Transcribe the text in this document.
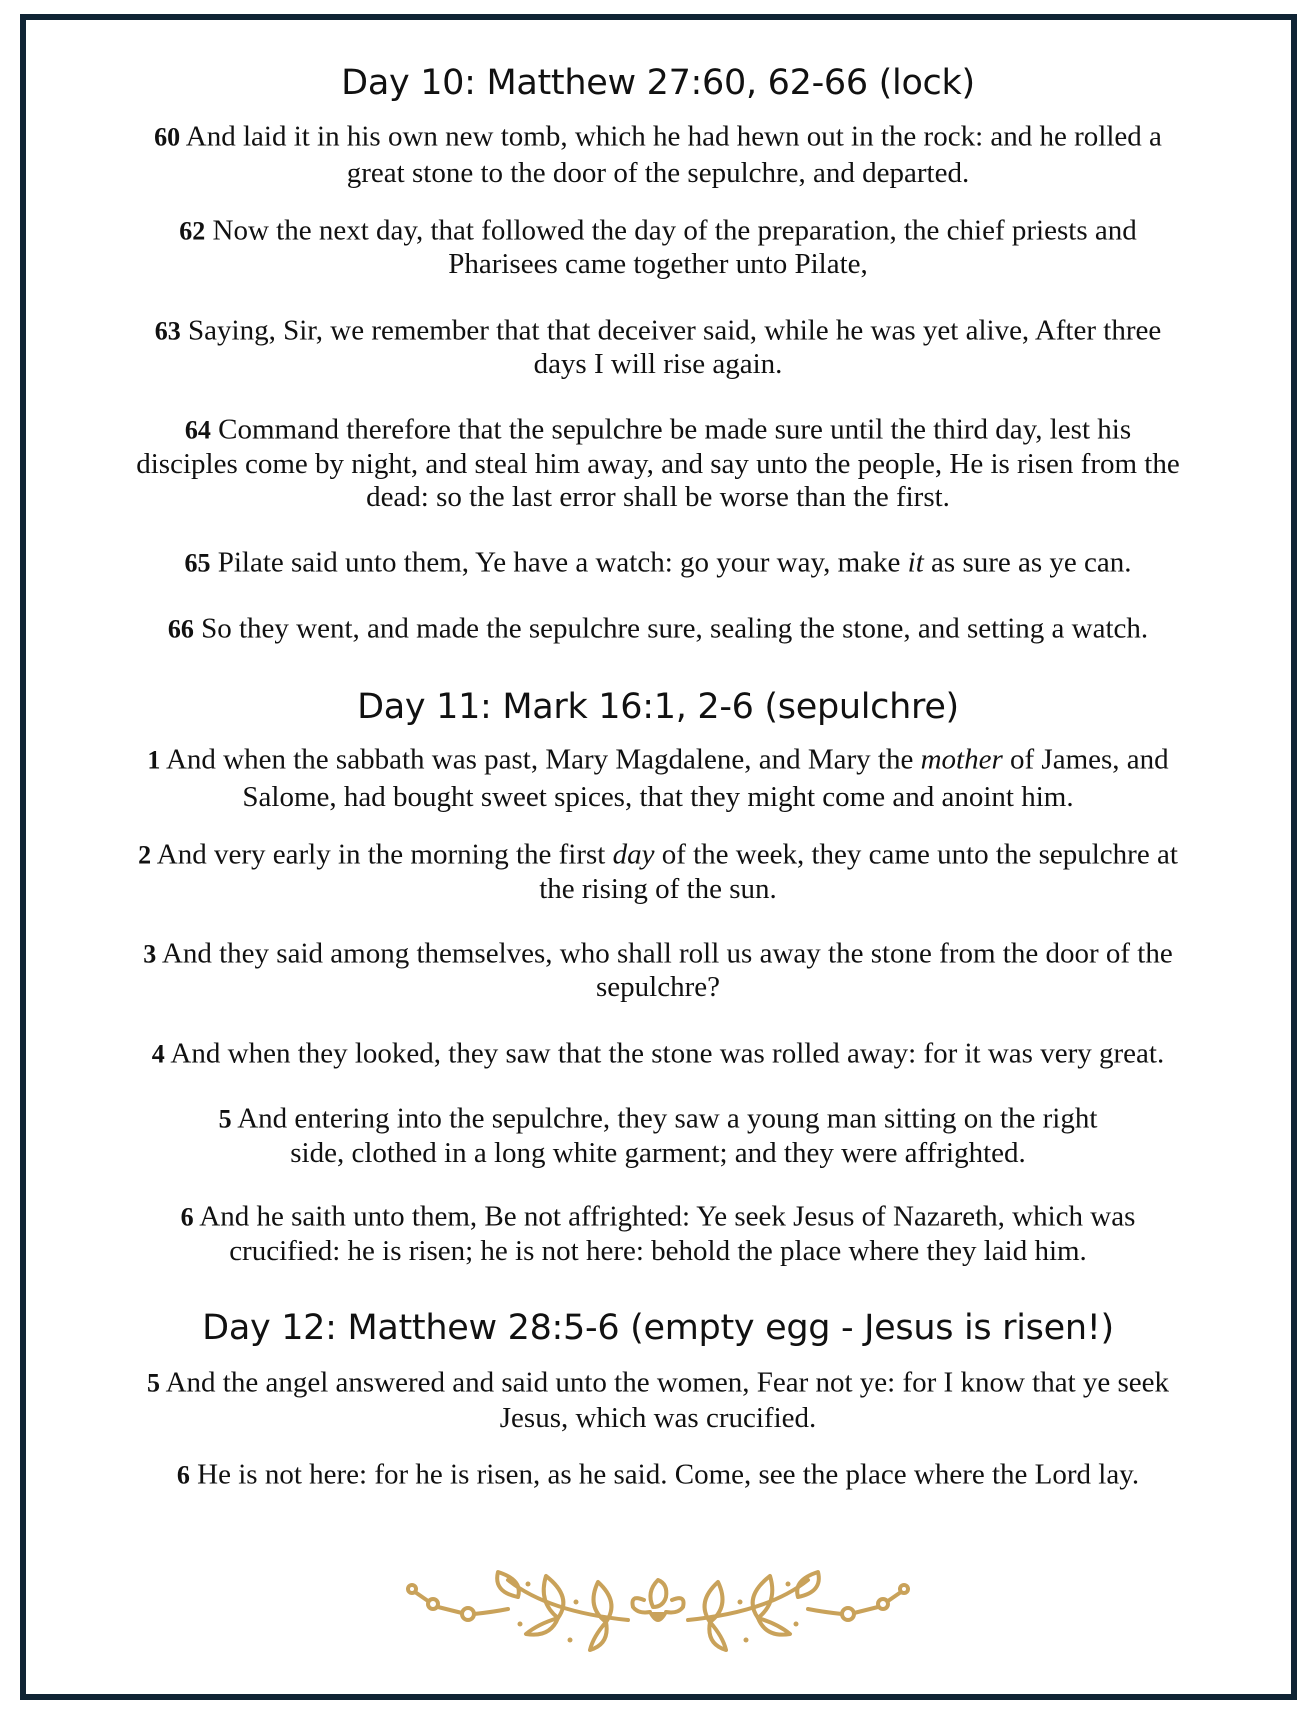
Day 10: Matthew 27:60, 62-66 (lock)
60 And laid it in his own new tomb, which he had hewn out in the rock: and he rolled a
great stone to the door of the sepulchre, and departed.
62 Now the next day, that followed the day of the preparation, the chief priests and
Pharisees came together unto Pilate,
63 Saying, Sir, we remember that that deceiver said, while he was yet alive, After three
days I will rise again.
64 Command therefore that the sepulchre be made sure until the third day, lest his
disciples come by night, and steal him away, and say unto the people, He is risen from the
dead: so the last error shall be worse than the first.
65 Pilate said unto them, Ye have a watch: go your way, make it as sure as ye can.
66 So they went, and made the sepulchre sure, sealing the stone, and setting a watch.
Day 11: Mark 16:1, 2-6 (sepulchre)
1 And when the sabbath was past, Mary Magdalene, and Mary the mother of James, and
Salome, had bought sweet spices, that they might come and anoint him.
2 And very early in the morning the first day of the week, they came unto the sepulchre at
the rising of the sun.
3 And they said among themselves, who shall roll us away the stone from the door of the
sepulchre?
4 And when they looked, they saw that the stone was rolled away: for it was very great.
5 And entering into the sepulchre, they saw a young man sitting on the right
side, clothed in a long white garment; and they were affrighted.
6 And he saith unto them, Be not affrighted: Ye seek Jesus of Nazareth, which was
crucified: he is risen; he is not here: behold the place where they laid him.
Day 12: Matthew 28:5-6 (empty egg - Jesus is risen!)
5 And the angel answered and said unto the women, Fear not ye: for I know that ye seek
Jesus, which was crucified.
6 He is not here: for he is risen, as he said. Come, see the place where the Lord lay.
